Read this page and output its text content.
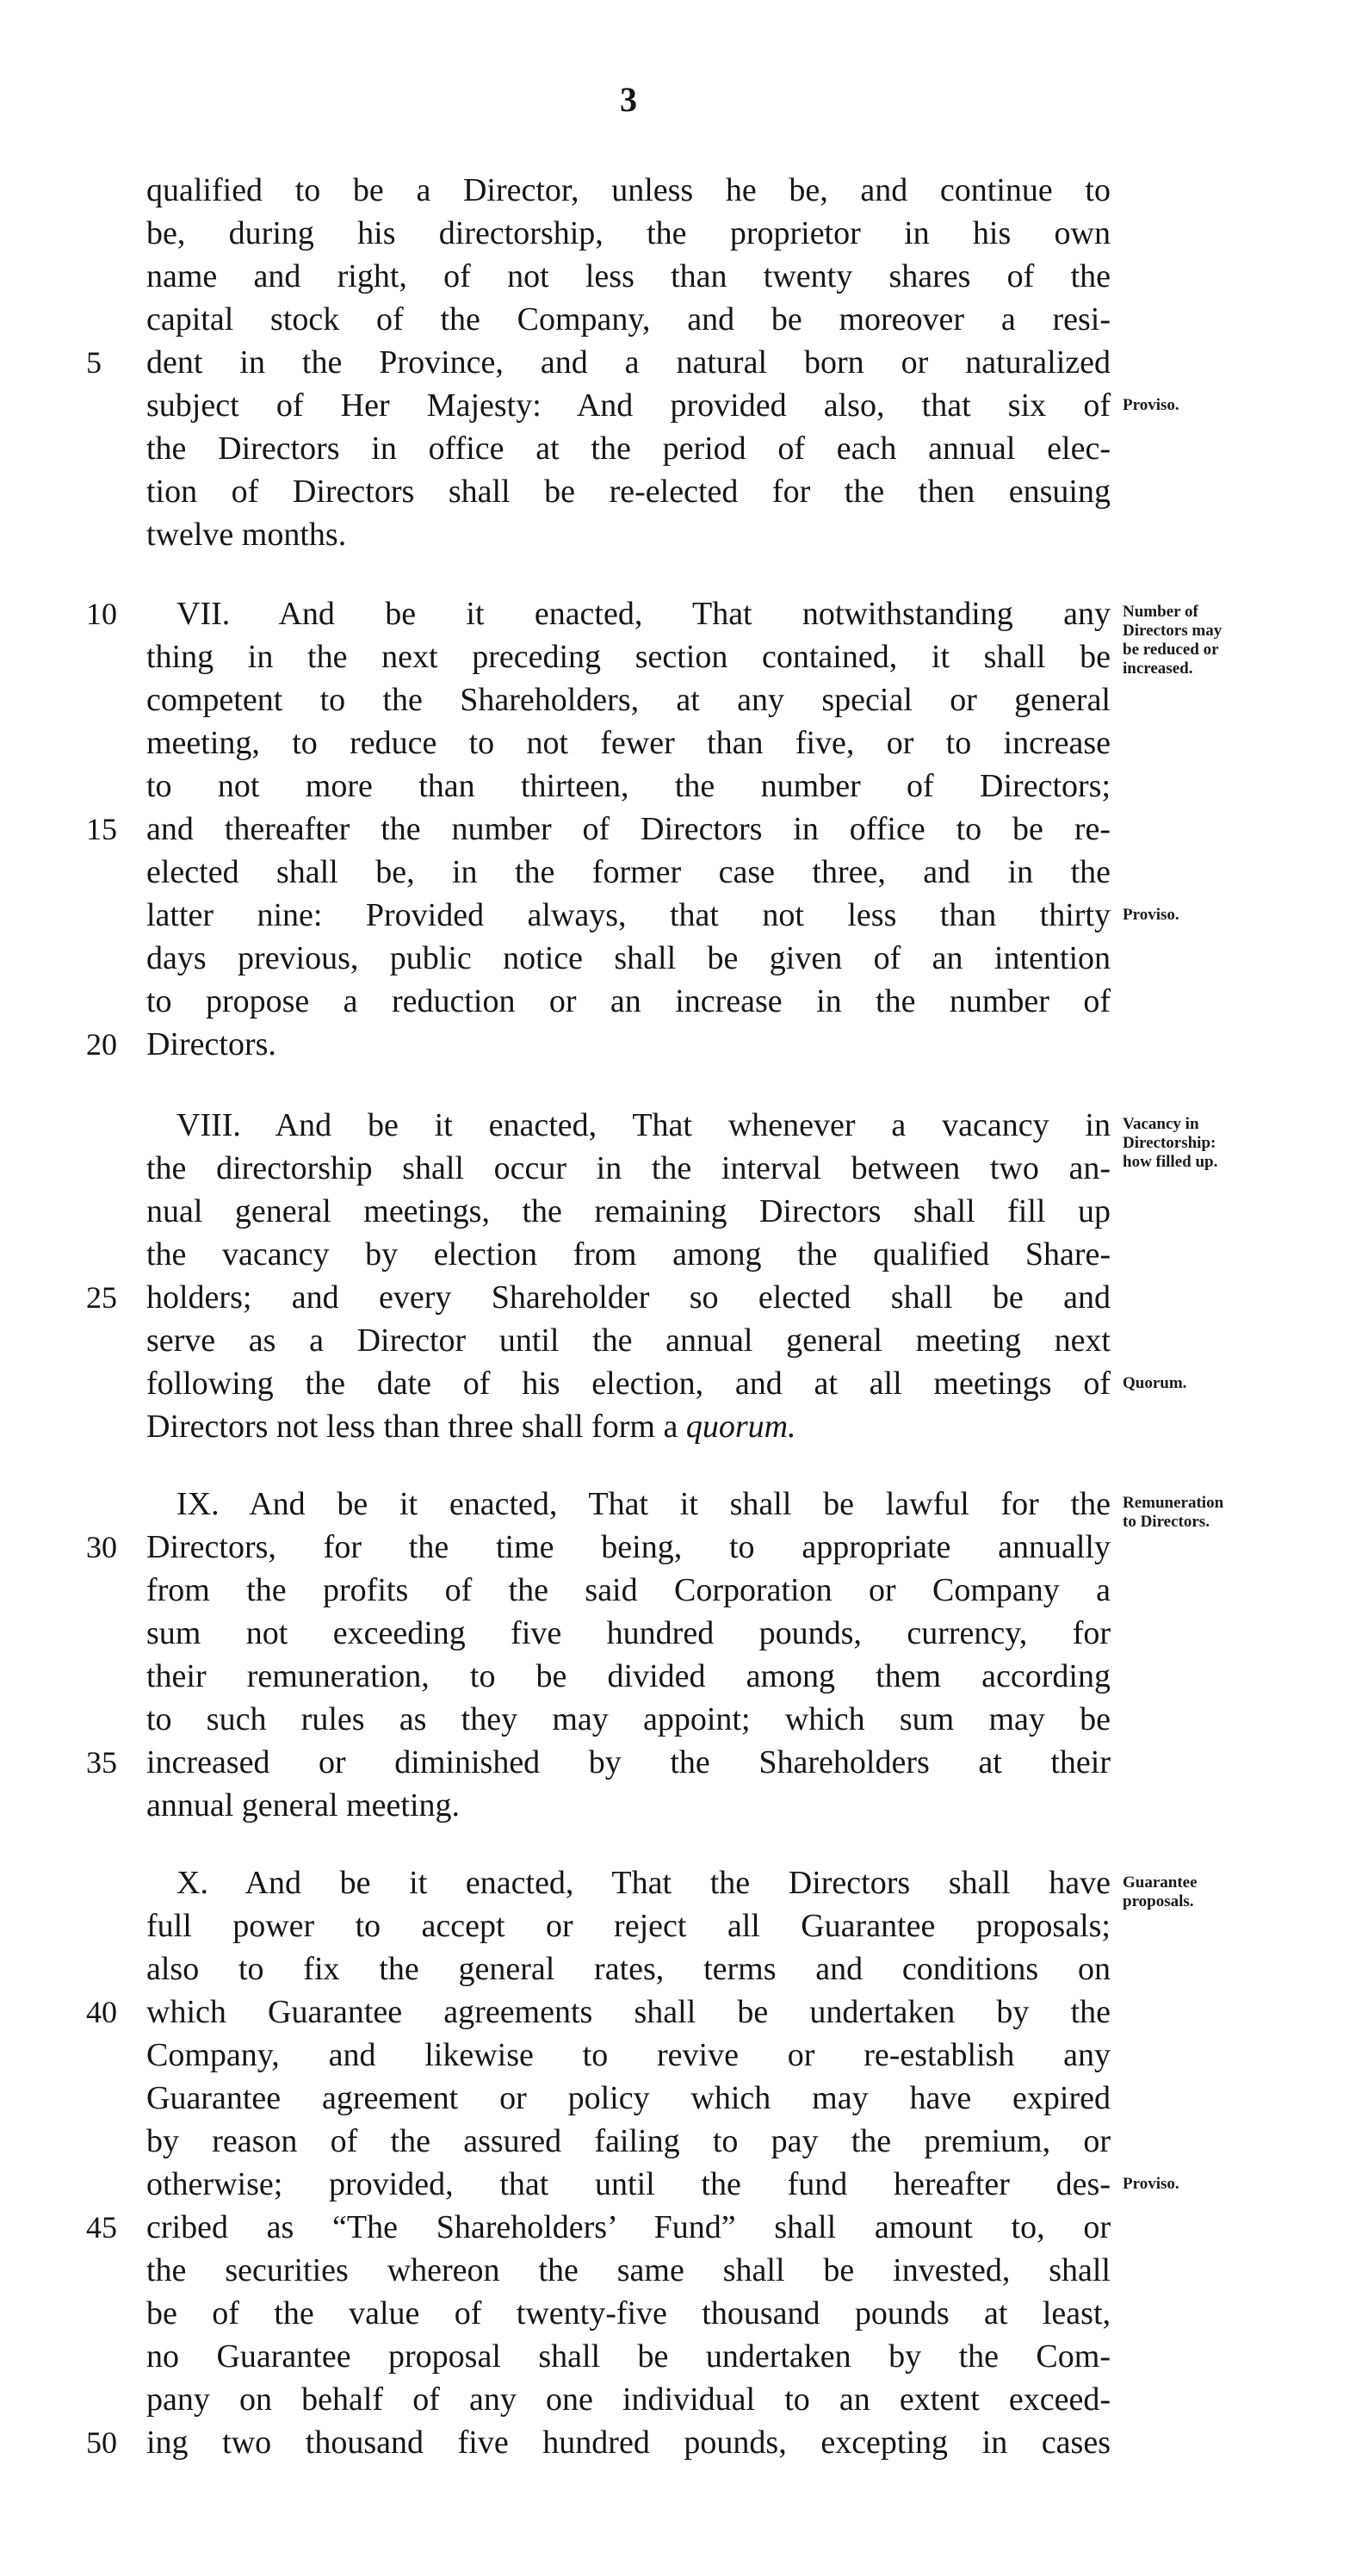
3
qualified to be a Director, unless he be, and continue to
be, during his directorship, the proprietor in his own
name and right, of not less than twenty shares of the
capital stock of the Company, and be moreover a resi-
dent in the Province, and a natural born or naturalized
subject of Her Majesty: And provided also, that six of
the Directors in office at the period of each annual elec-
tion of Directors shall be re-elected for the then ensuing
twelve months.
VII. And be it enacted, That notwithstanding any
thing in the next preceding section contained, it shall be
competent to the Shareholders, at any special or general
meeting, to reduce to not fewer than five, or to increase
to not more than thirteen, the number of Directors;
and thereafter the number of Directors in office to be re-
elected shall be, in the former case three, and in the
latter nine: Provided always, that not less than thirty
days previous, public notice shall be given of an intention
to propose a reduction or an increase in the number of
Directors.
VIII. And be it enacted, That whenever a vacancy in
the directorship shall occur in the interval between two an-
nual general meetings, the remaining Directors shall fill up
the vacancy by election from among the qualified Share-
holders; and every Shareholder so elected shall be and
serve as a Director until the annual general meeting next
following the date of his election, and at all meetings of
Directors not less than three shall form a quorum.
IX. And be it enacted, That it shall be lawful for the
Directors, for the time being, to appropriate annually
from the profits of the said Corporation or Company a
sum not exceeding five hundred pounds, currency, for
their remuneration, to be divided among them according
to such rules as they may appoint; which sum may be
increased or diminished by the Shareholders at their
annual general meeting.
X. And be it enacted, That the Directors shall have
full power to accept or reject all Guarantee proposals;
also to fix the general rates, terms and conditions on
which Guarantee agreements shall be undertaken by the
Company, and likewise to revive or re-establish any
Guarantee agreement or policy which may have expired
by reason of the assured failing to pay the premium, or
otherwise; provided, that until the fund hereafter des-
cribed as “The Shareholders’ Fund” shall amount to, or
the securities whereon the same shall be invested, shall
be of the value of twenty-five thousand pounds at least,
no Guarantee proposal shall be undertaken by the Com-
pany on behalf of any one individual to an extent exceed-
ing two thousand five hundred pounds, excepting in cases
5
10
15
20
25
30
35
40
45
50
Proviso.
Number of
Directors may
be reduced or
increased.
Proviso.
Vacancy in
Directorship:
how filled up.
Quorum.
Remuneration
to Directors.
Guarantee
proposals.
Proviso.
